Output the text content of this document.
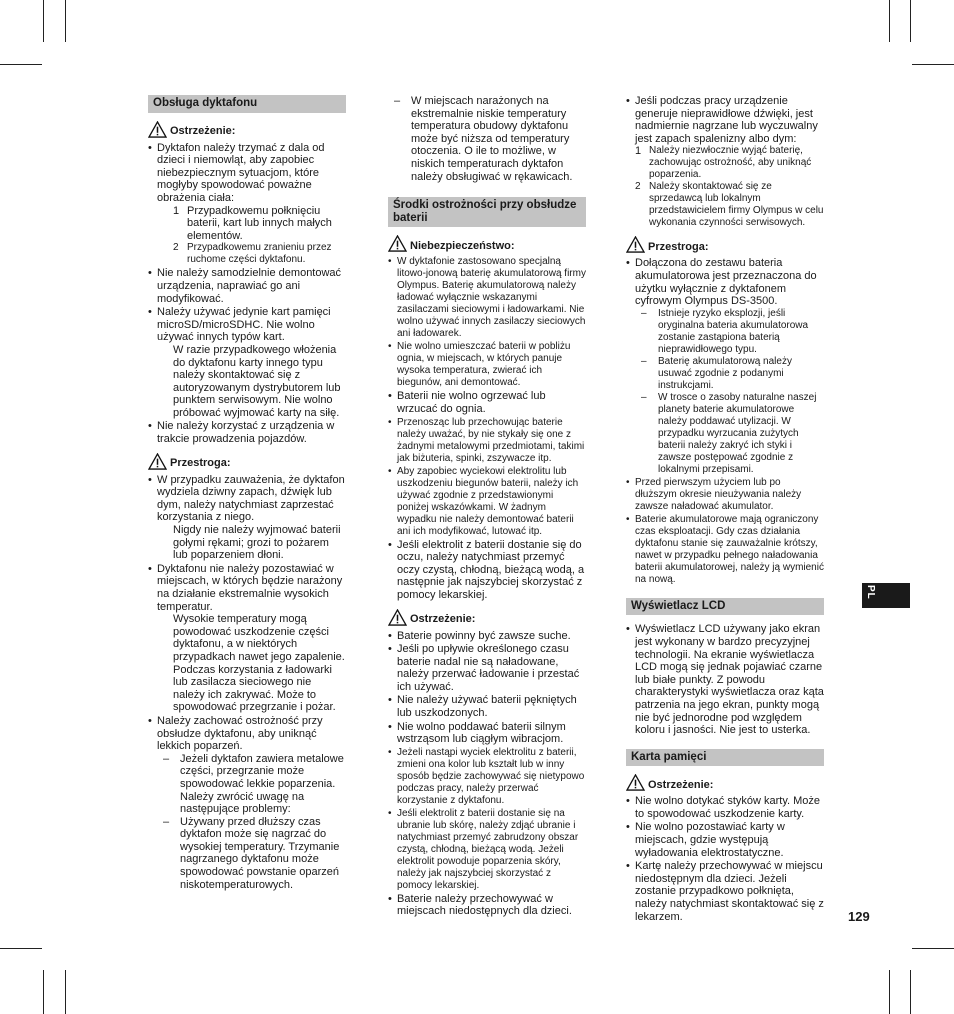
Obsługa dyktafonu
Ostrzeżenie:
• Dyktafon należy trzymać z dala od dzieci i niemowląt, aby zapobiec niebezpiecznym sytuacjom, które mogłyby spowodować poważne obrażenia ciała:
1 Przypadkowemu połknięciu baterii, kart lub innych małych elementów.
2 Przypadkowemu zranieniu przez ruchome części dyktafonu.
• Nie należy samodzielnie demontować urządzenia, naprawiać go ani modyfikować.
• Należy używać jedynie kart pamięci microSD/microSDHC. Nie wolno używać innych typów kart.
W razie przypadkowego włożenia do dyktafonu karty innego typu należy skontaktować się z autoryzowanym dystrybutorem lub punktem serwisowym. Nie wolno próbować wyjmować karty na siłę.
• Nie należy korzystać z urządzenia w trakcie prowadzenia pojazdów.
Przestroga:
• W przypadku zauważenia, że dyktafon wydziela dziwny zapach, dźwięk lub dym, należy natychmiast zaprzestać korzystania z niego.
Nigdy nie należy wyjmować baterii gołymi rękami; grozi to pożarem lub poparzeniem dłoni.
• Dyktafonu nie należy pozostawiać w miejscach, w których będzie narażony na działanie ekstremalnie wysokich temperatur.
Wysokie temperatury mogą powodować uszkodzenie części dyktafonu, a w niektórych przypadkach nawet jego zapalenie. Podczas korzystania z ładowarki lub zasilacza sieciowego nie należy ich zakrywać. Może to spowodować przegrzanie i pożar.
• Należy zachować ostrożność przy obsłudze dyktafonu, aby uniknąć lekkich poparzeń.
– Jeżeli dyktafon zawiera metalowe części, przegrzanie może spowodować lekkie poparzenia. Należy zwrócić uwagę na następujące problemy:
– Używany przed dłuższy czas dyktafon może się nagrzać do wysokiej temperatury. Trzymanie nagrzanego dyktafonu może spowodować powstanie oparzeń niskotemperaturowych.
– W miejscach narażonych na ekstremalnie niskie temperatury temperatura obudowy dyktafonu może być niższa od temperatury otoczenia. O ile to możliwe, w niskich temperaturach dyktafon należy obsługiwać w rękawicach.
Środki ostrożności przy obsłudze baterii
Niebezpieczeństwo:
• W dyktafonie zastosowano specjalną litowo-jonową baterię akumulatorową firmy Olympus. Baterię akumulatorową należy ładować wyłącznie wskazanymi zasilaczami sieciowymi i ładowarkami. Nie wolno używać innych zasilaczy sieciowych ani ładowarek.
• Nie wolno umieszczać baterii w pobliżu ognia, w miejscach, w których panuje wysoka temperatura, zwierać ich biegunów, ani demontować.
• Baterii nie wolno ogrzewać lub wrzucać do ognia.
• Przenosząc lub przechowując baterie należy uważać, by nie stykały się one z żadnymi metalowymi przedmiotami, takimi jak biżuteria, spinki, zszywacze itp.
• Aby zapobiec wyciekowi elektrolitu lub uszkodzeniu biegunów baterii, należy ich używać zgodnie z przedstawionymi poniżej wskazówkami. W żadnym wypadku nie należy demontować baterii ani ich modyfikować, lutować itp.
• Jeśli elektrolit z baterii dostanie się do oczu, należy natychmiast przemyć oczy czystą, chłodną, bieżącą wodą, a następnie jak najszybciej skorzystać z pomocy lekarskiej.
Ostrzeżenie:
• Baterie powinny być zawsze suche.
• Jeśli po upływie określonego czasu baterie nadal nie są naładowane, należy przerwać ładowanie i przestać ich używać.
• Nie należy używać baterii pękniętych lub uszkodzonych.
• Nie wolno poddawać baterii silnym wstrząsom lub ciągłym wibracjom.
• Jeżeli nastąpi wyciek elektrolitu z baterii, zmieni ona kolor lub kształt lub w inny sposób będzie zachowywać się nietypowo podczas pracy, należy przerwać korzystanie z dyktafonu.
• Jeśli elektrolit z baterii dostanie się na ubranie lub skórę, należy zdjąć ubranie i natychmiast przemyć zabrudzony obszar czystą, chłodną, bieżącą wodą. Jeżeli elektrolit powoduje poparzenia skóry, należy jak najszybciej skorzystać z pomocy lekarskiej.
• Baterie należy przechowywać w miejscach niedostępnych dla dzieci.
• Jeśli podczas pracy urządzenie generuje nieprawidłowe dźwięki, jest nadmiernie nagrzane lub wyczuwalny jest zapach spalenizny albo dym:
1 Należy niezwłocznie wyjąć baterię, zachowując ostrożność, aby uniknąć poparzenia.
2 Należy skontaktować się ze sprzedawcą lub lokalnym przedstawicielem firmy Olympus w celu wykonania czynności serwisowych.
Przestroga:
• Dołączona do zestawu bateria akumulatorowa jest przeznaczona do użytku wyłącznie z dyktafonem cyfrowym Olympus DS-3500.
–	Istnieje ryzyko eksplozji, jeśli oryginalna bateria akumulatorowa zostanie zastąpiona baterią nieprawidłowego typu.
–	Baterię akumulatorową należy usuwać zgodnie z podanymi instrukcjami.
–	W trosce o zasoby naturalne naszej planety baterie akumulatorowe należy poddawać utylizacji. W przypadku wyrzucania zużytych baterii należy zakryć ich styki i zawsze postępować zgodnie z lokalnymi przepisami.
• Przed pierwszym użyciem lub po dłuższym okresie nieużywania należy zawsze naładować akumulator.
• Baterie akumulatorowe mają ograniczony czas eksploatacji. Gdy czas działania dyktafonu stanie się zauważalnie krótszy, nawet w przypadku pełnego naładowania baterii akumulatorowej, należy ją wymienić na nową.
Wyświetlacz LCD
• Wyświetlacz LCD używany jako ekran jest wykonany w bardzo precyzyjnej technologii. Na ekranie wyświetlacza LCD mogą się jednak pojawiać czarne lub białe punkty. Z powodu charakterystyki wyświetlacza oraz kąta patrzenia na jego ekran, punkty mogą nie być jednorodne pod względem koloru i jasności. Nie jest to usterka.
Karta pamięci
Ostrzeżenie:
• Nie wolno dotykać styków karty. Może to spowodować uszkodzenie karty.
• Nie wolno pozostawiać karty w miejscach, gdzie występują wyładowania elektrostatyczne.
• Kartę należy przechowywać w miejscu niedostępnym dla dzieci. Jeżeli zostanie przypadkowo połknięta, należy natychmiast skontaktować się z lekarzem.
PL
129
